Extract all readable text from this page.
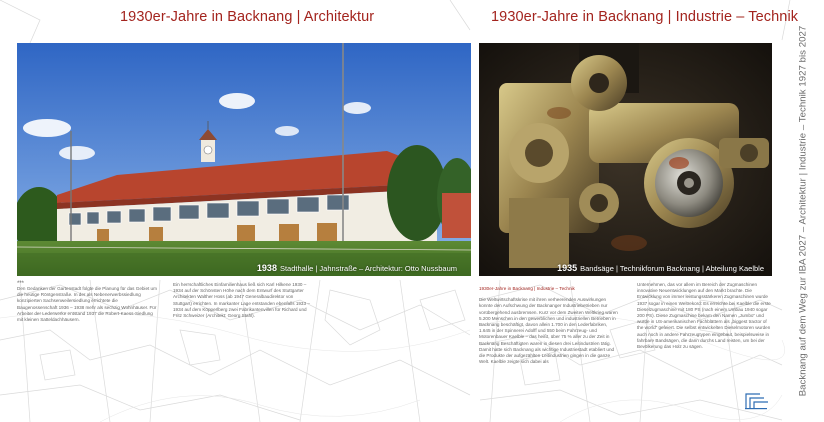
1930er-Jahre in Backnang | Architektur	1930er-Jahre in Backnang | Industrie – Technik
1938 Stadthalle | Jahnstraße – Architektur: Otto Nussbaum	1935 Bandsäge | Technikforum Backnang | Abteilung Kaelble
***

Den Gedanken der Gartenstadt folgte die Planung für das Gebiet um die heutige Röntgenstraße. In der als Nebenerwerbssiedlung konzipierten Sachsenweilersiedlung errichtete die Baugenossenschaft 1936 – 1938 mehr als sechzig Wohnhäuser. Für Arbeiter der Lederwerke entstand 1937 die Robert-Kaess-Siedlung mit kleinen Satteldachhäusern.

Ein herrschaftliches Einfamilienhaus ließ sich Karl Hilkene 1930 – 1934 auf der Schönsten Höhe nach dem Entwurf des Stuttgarter Architekten Walther Hoss (ab 1947 Generalbaudirektor von Stuttgart) errichten. In markanter Lage entstanden ebenfalls 1933 – 1934 auf dem Köpperlberg zwei Fabrikantenvillen für Richard und Fritz Schweizer (Architekt: Georg Stahl).

1930er-Jahre in Backnang | Industrie – Technik

Die Weltwirtschaftskrise mit ihren verheerenden Auswirkungen konnte den Aufschwung der Backnanger Industriebetrieben nur vorübergehend ausbremsen. Kurz vor dem Zweiten Weltkrieg waren 5.200 Menschen in den gewerblichen und industriellen Betrieben in Backnang beschäftigt, davon allein 1.700 in den Lederfabriken, 1.645 in der Spinnerei Adolff und 550 beim Fahrzeug- und Motorenbauer Kaelble – das heißt, über 75 % aller zu der Zeit in Backnang Beschäftigten waren in diesen drei Leitindustrien tätig. Damit hatte sich Backnang als wichtige Industriestadt etabliert und die Produkte der aufgezählten Leitindustrien gingen in die ganze Welt. Kaelble zeigte sich dabei als

Unternehmen, das vor allem im Bereich der Zugmaschinen innovative Neuentwicklungen auf den Markt brachte. Die Entwicklung von immer leistungsstärkeren Zugmaschinen wurde 1937 sogar in einen Weltrekord: Es erreichte bei Kaelble die erste Dieselzugmaschine mit 180 PS (nach einem Umbau 1940 sogar 200 PS). Diese Zugmaschine bekam den Namen „Jumbo“ und wurde in US-amerikanischen Fachblättern als „biggest tractor of the world“ gefeiert. Die selbst entwickelten Dieselmotoren wurden auch noch in andere Fahrzeugtypen eingebaut, beispielsweise in fahrbare Bandsägen, die dann durchs Land reisten, um bei der Bevölkerung das Holz zu sägen.	Backnang auf dem Weg zur IBA 2027 – Architektur | Industrie – Technik 1927 bis 2027
